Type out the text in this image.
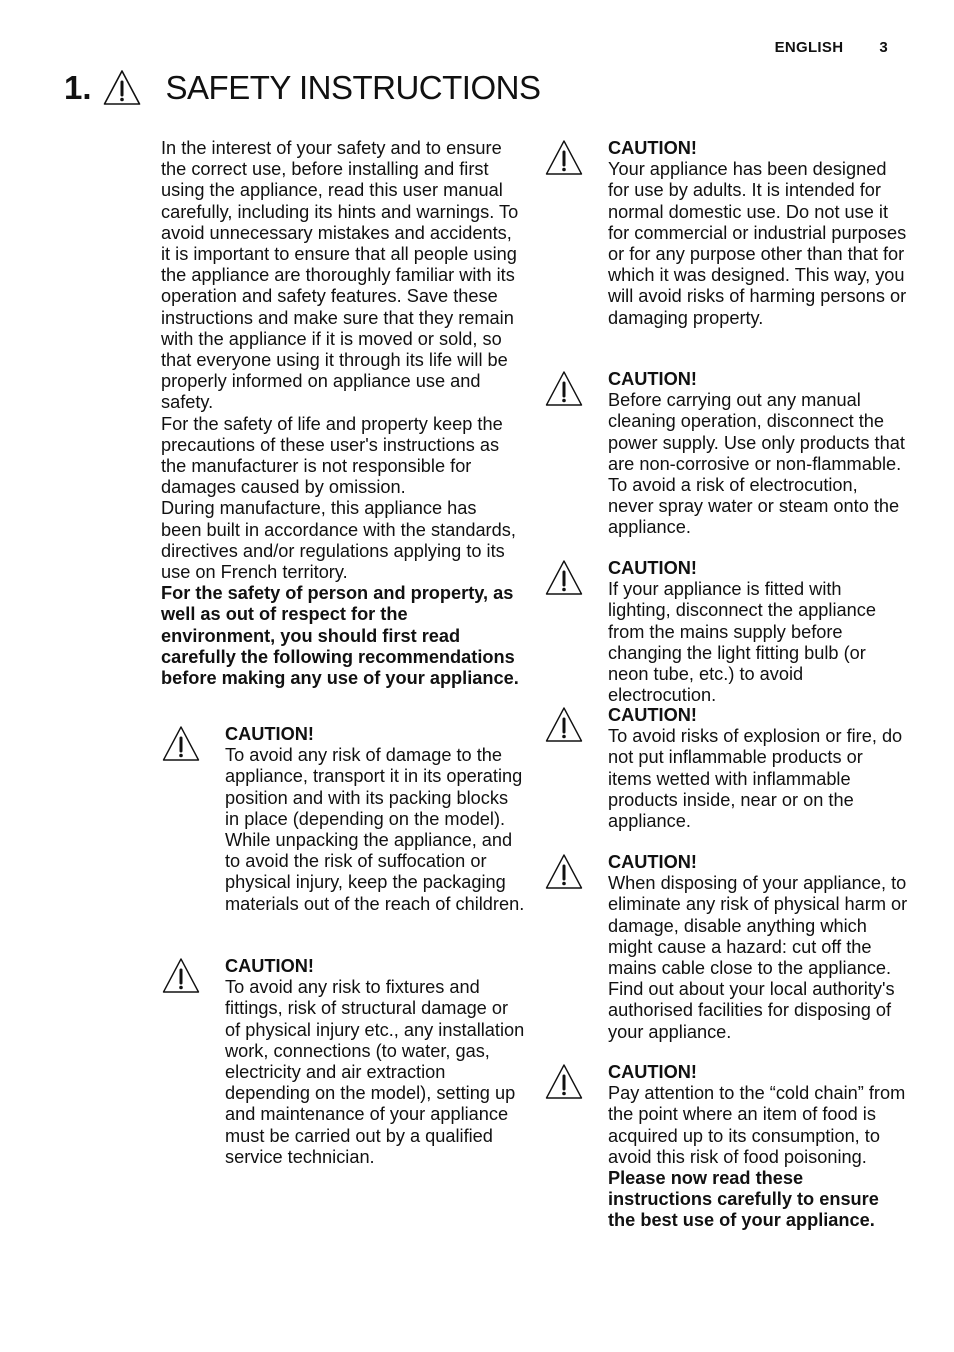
ENGLISH 3
1. SAFETY INSTRUCTIONS

In the interest of your safety and to ensure the correct use, before installing and first using the appliance, read this user manual carefully, including its hints and warnings. To avoid unnecessary mistakes and accidents, it is important to ensure that all people using the appliance are thoroughly familiar with its operation and safety features. Save these instructions and make sure that they remain with the appliance if it is moved or sold, so that everyone using it through its life will be properly informed on appliance use and safety.

For the safety of life and property keep the precautions of these user's instructions as the manufacturer is not responsible for damages caused by omission.

During manufacture, this appliance has been built in accordance with the standards, directives and/or regulations applying to its use on French territory.

For the safety of person and property, as well as out of respect for the environment, you should first read carefully the following recommendations before making any use of your appliance.

CAUTION!

To avoid any risk of damage to the appliance, transport it in its operating position and with its packing blocks in place (depending on the model). While unpacking the appliance, and to avoid the risk of suffocation or physical injury, keep the packaging materials out of the reach of children.

CAUTION!

To avoid any risk to fixtures and fittings, risk of structural damage or of physical injury etc., any installation work, connections (to water, gas, electricity and air extraction depending on the model), setting up and maintenance of your appliance must be carried out by a qualified service technician.

CAUTION!

Your appliance has been designed for use by adults. It is intended for normal domestic use. Do not use it for commercial or industrial purposes or for any purpose other than that for which it was designed. This way, you will avoid risks of harming persons or damaging property.

CAUTION!

Before carrying out any manual cleaning operation, disconnect the power supply. Use only products that are non-corrosive or non-flammable. To avoid a risk of electrocution, never spray water or steam onto the appliance.

CAUTION!

If your appliance is fitted with lighting, disconnect the appliance from the mains supply before changing the light fitting bulb (or neon tube, etc.) to avoid electrocution.

CAUTION!

To avoid risks of explosion or fire, do not put inflammable products or items wetted with inflammable products inside, near or on the appliance.

CAUTION!

When disposing of your appliance, to eliminate any risk of physical harm or damage, disable anything which might cause a hazard: cut off the mains cable close to the appliance. Find out about your local authority's authorised facilities for disposing of your appliance.

CAUTION!

Pay attention to the “cold chain” from the point where an item of food is acquired up to its consumption, to avoid this risk of food poisoning.

Please now read these instructions carefully to ensure the best use of your appliance.
